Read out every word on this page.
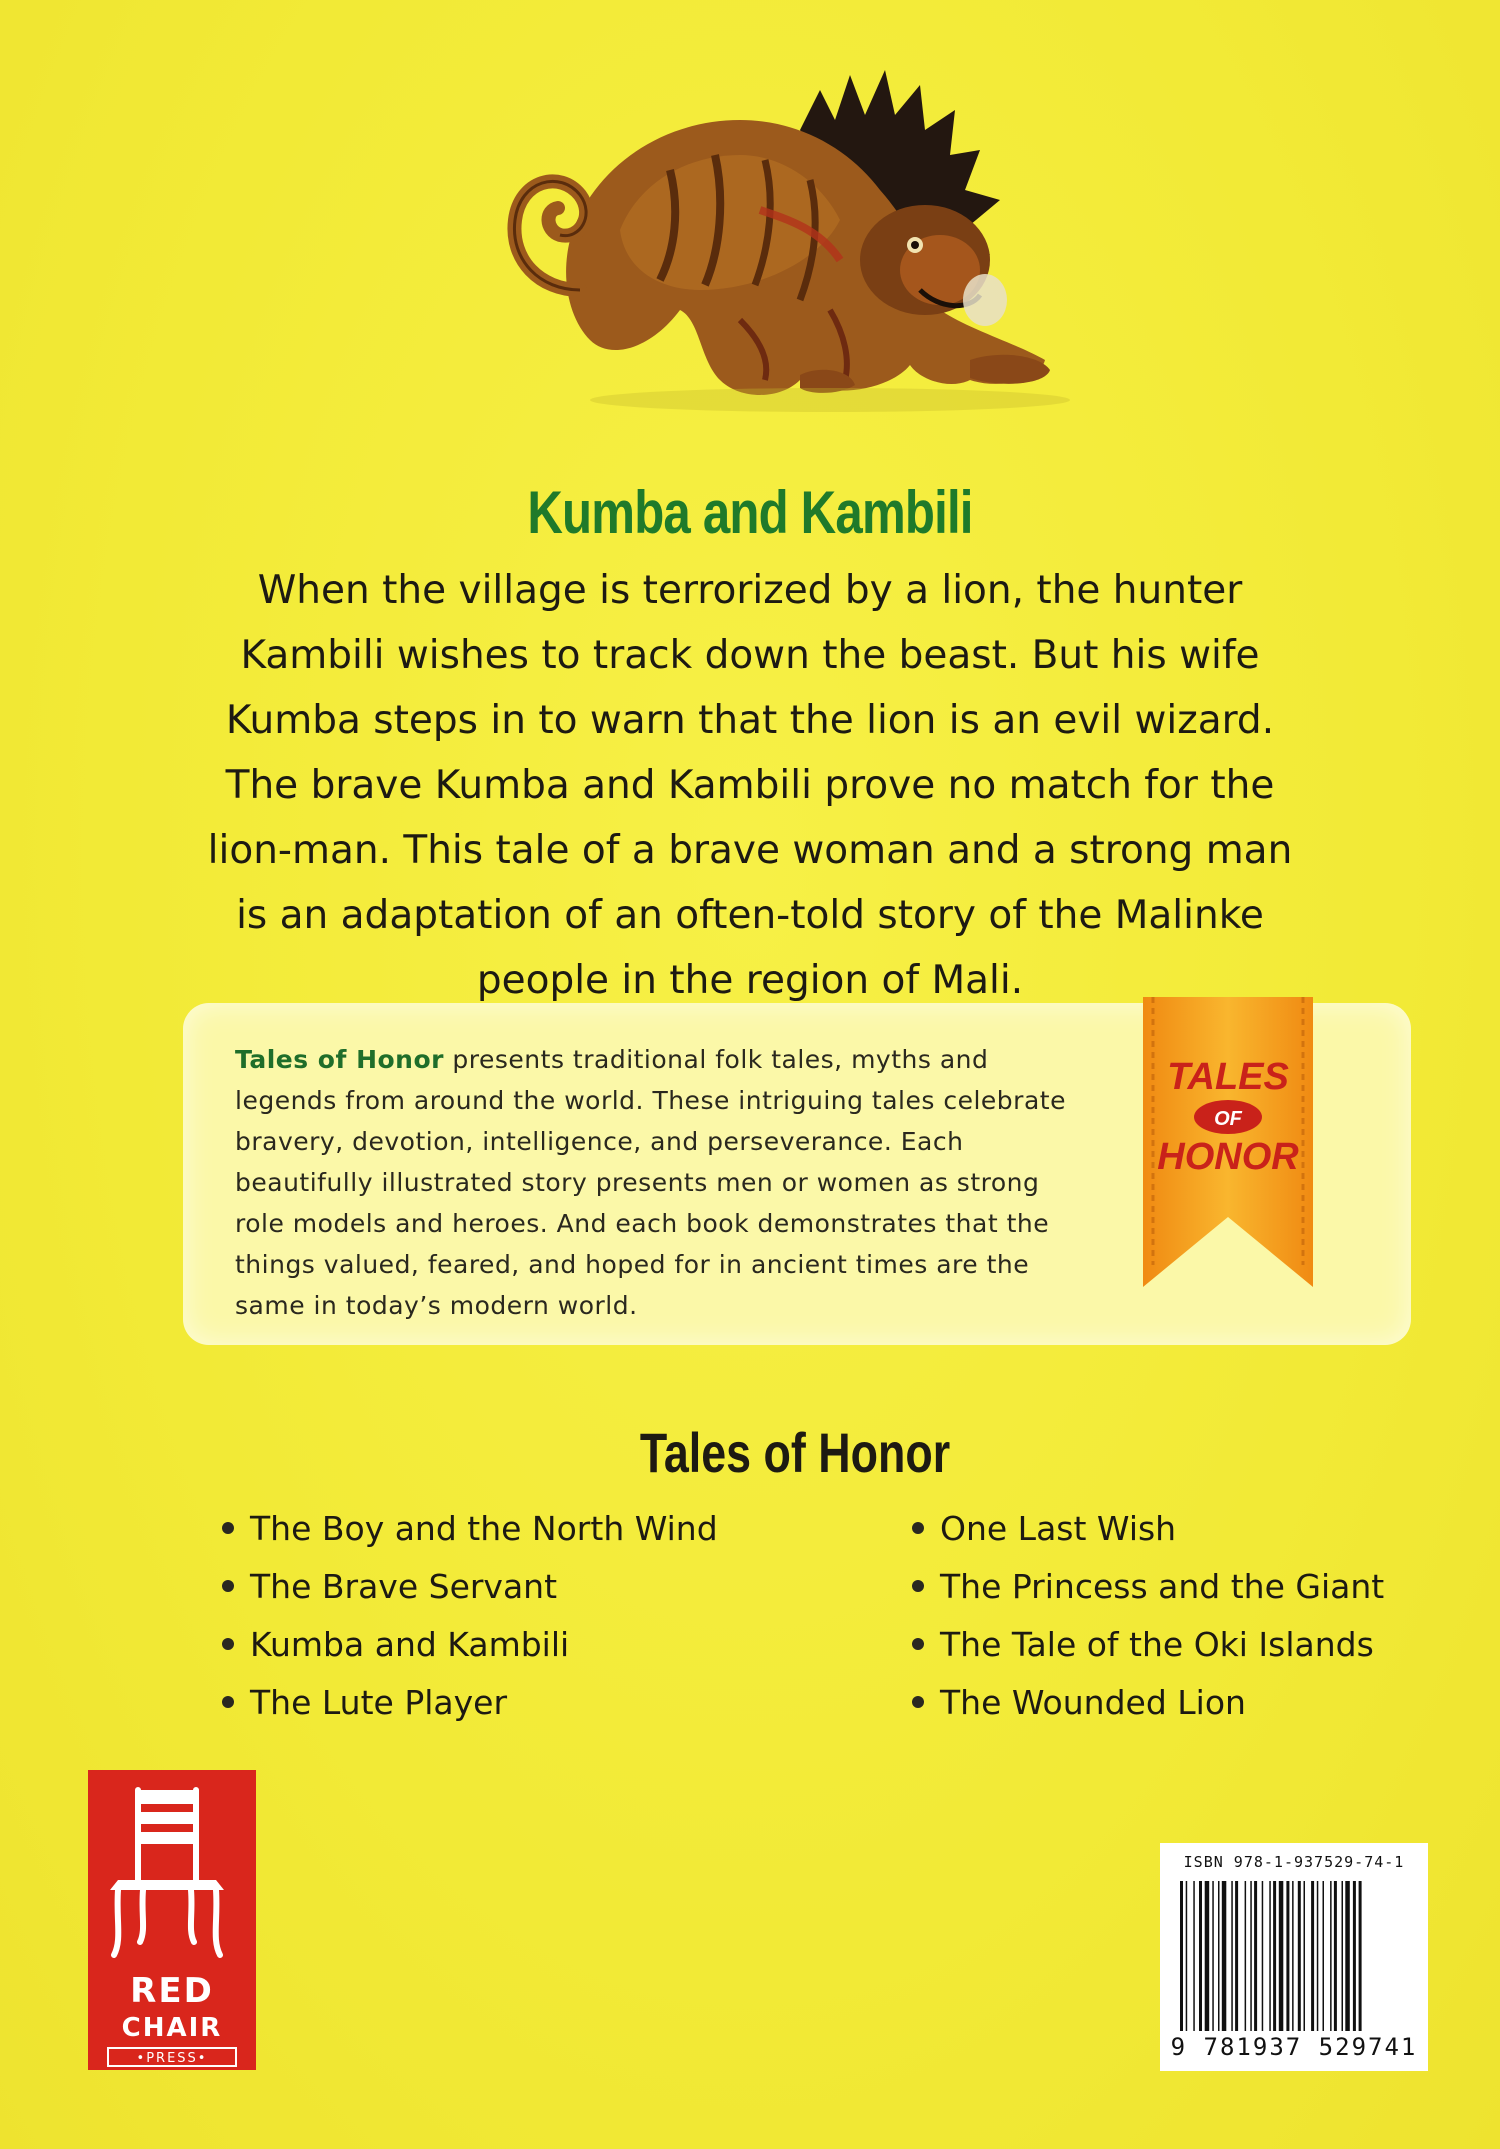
Kumba and Kambili

When the village is terrorized by a lion, the hunter Kambili wishes to track down the beast. But his wife Kumba steps in to warn that the lion is an evil wizard. The brave Kumba and Kambili prove no match for the lion-man. This tale of a brave woman and a strong man is an adaptation of an often-told story of the Malinke people in the region of Mali.

Tales of Honor presents traditional folk tales, myths and legends from around the world. These intriguing tales celebrate bravery, devotion, intelligence, and perseverance. Each beautifully illustrated story presents men or women as strong role models and heroes. And each book demonstrates that the things valued, feared, and hoped for in ancient times are the same in today’s modern world.

TALES
OF
HONOR
Tales of Honor
The Boy and the North Wind
The Brave Servant
Kumba and Kambili
The Lute Player
One Last Wish
The Princess and the Giant
The Tale of the Oki Islands
The Wounded Lion
RED
CHAIR
•PRESS•
ISBN 978-1-937529-74-1
9 781937 529741
